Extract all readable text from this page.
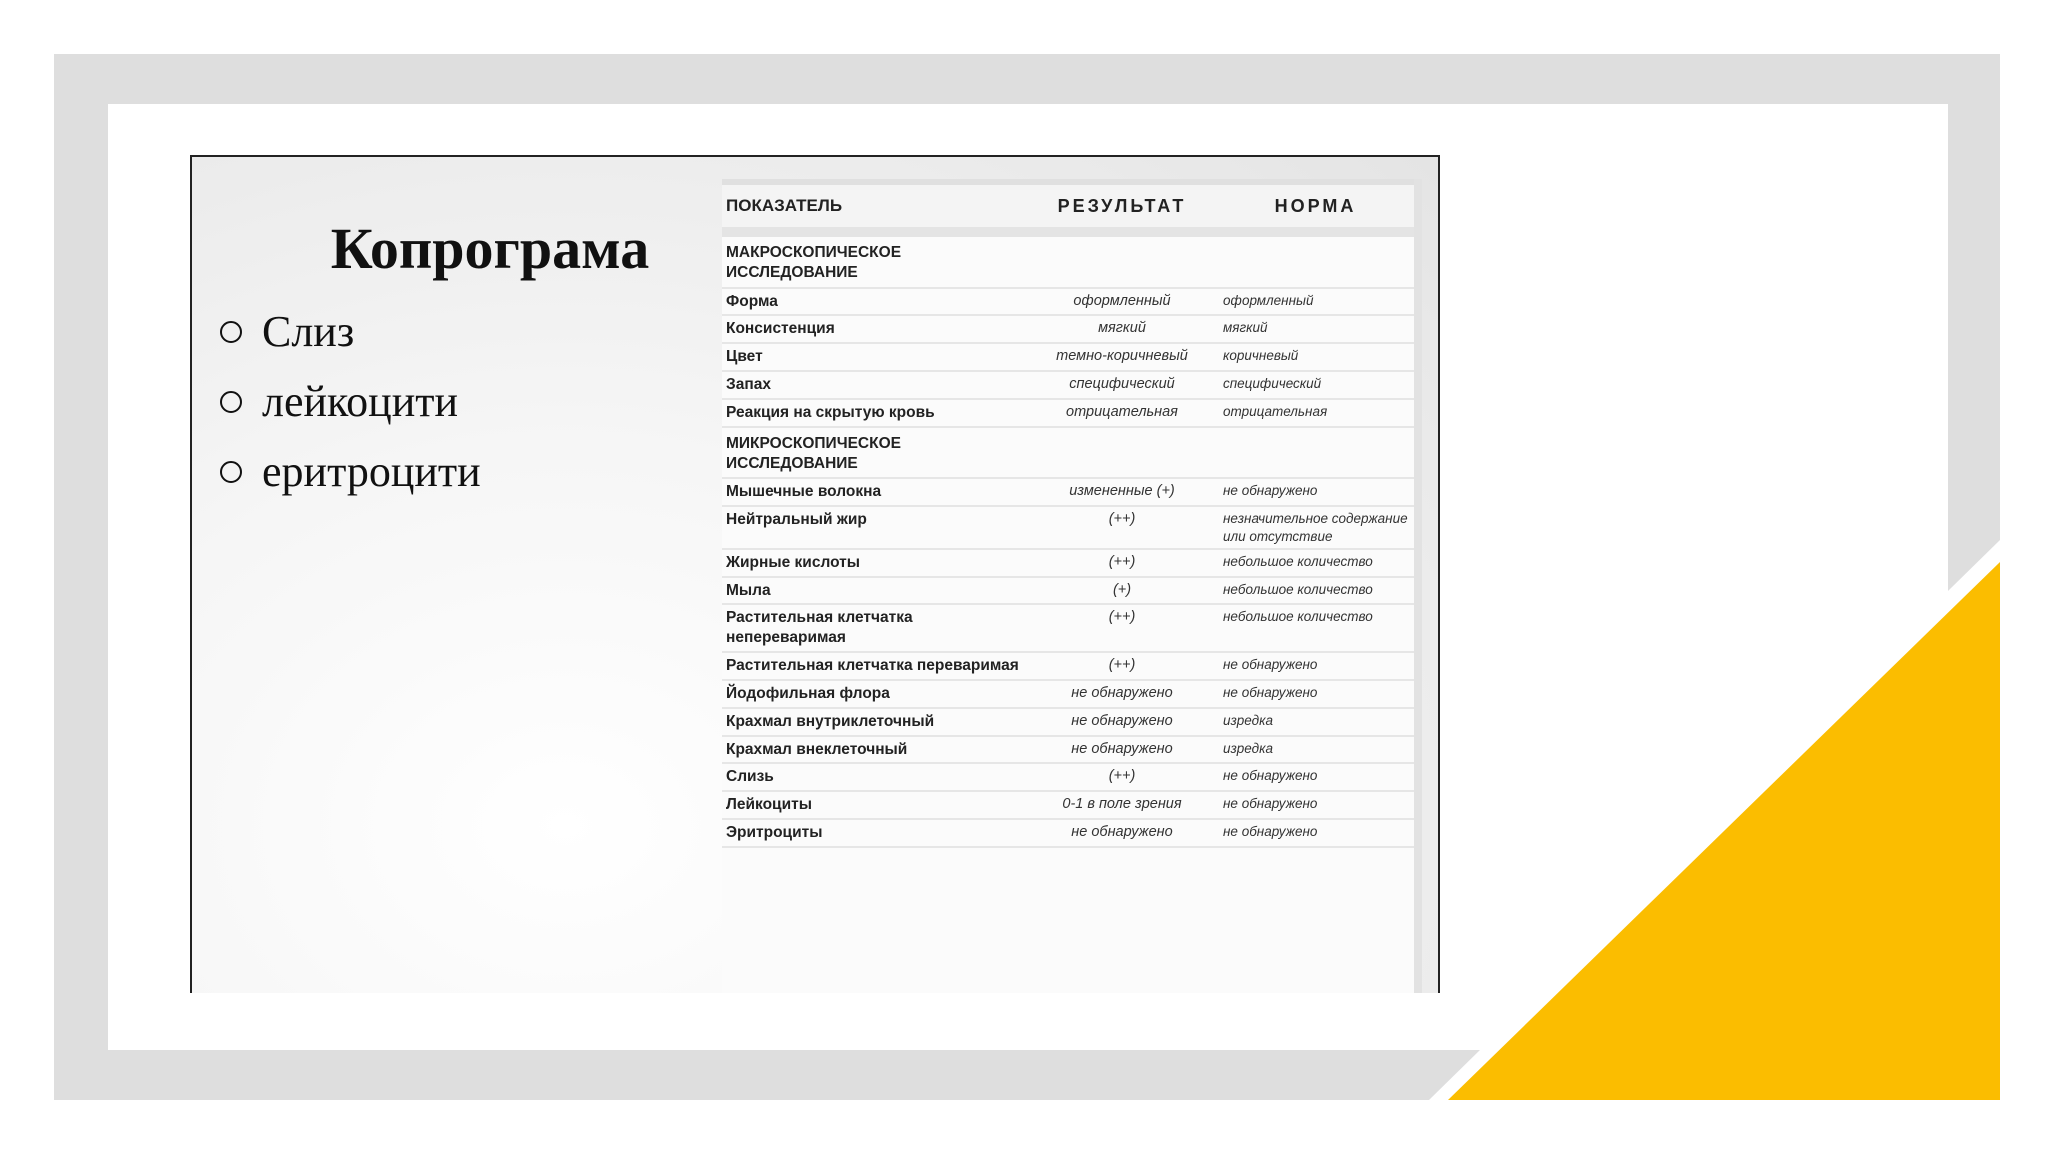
Копрограма
Слиз
лейкоцити
еритроцити
ПОКАЗАТЕЛЬ	РЕЗУЛЬТАТ	НОРМА
МАКРОСКОПИЧЕСКОЕ ИССЛЕДОВАНИЕ		
Форма	оформленный	оформленный
Консистенция	мягкий	мягкий
Цвет	темно-коричневый	коричневый
Запах	специфический	специфический
Реакция на скрытую кровь	отрицательная	отрицательная
МИКРОСКОПИЧЕСКОЕ ИССЛЕДОВАНИЕ		
Мышечные волокна	измененные (+)	не обнаружено
Нейтральный жир	(++)	незначительное содержание или отсутствие
Жирные кислоты	(++)	небольшое количество
Мыла	(+)	небольшое количество
Растительная клетчатка непереваримая	(++)	небольшое количество
Растительная клетчатка переваримая	(++)	не обнаружено
Йодофильная флора	не обнаружено	не обнаружено
Крахмал внутриклеточный	не обнаружено	изредка
Крахмал внеклеточный	не обнаружено	изредка
Слизь	(++)	не обнаружено
Лейкоциты	0-1 в поле зрения	не обнаружено
Эритроциты	не обнаружено	не обнаружено
